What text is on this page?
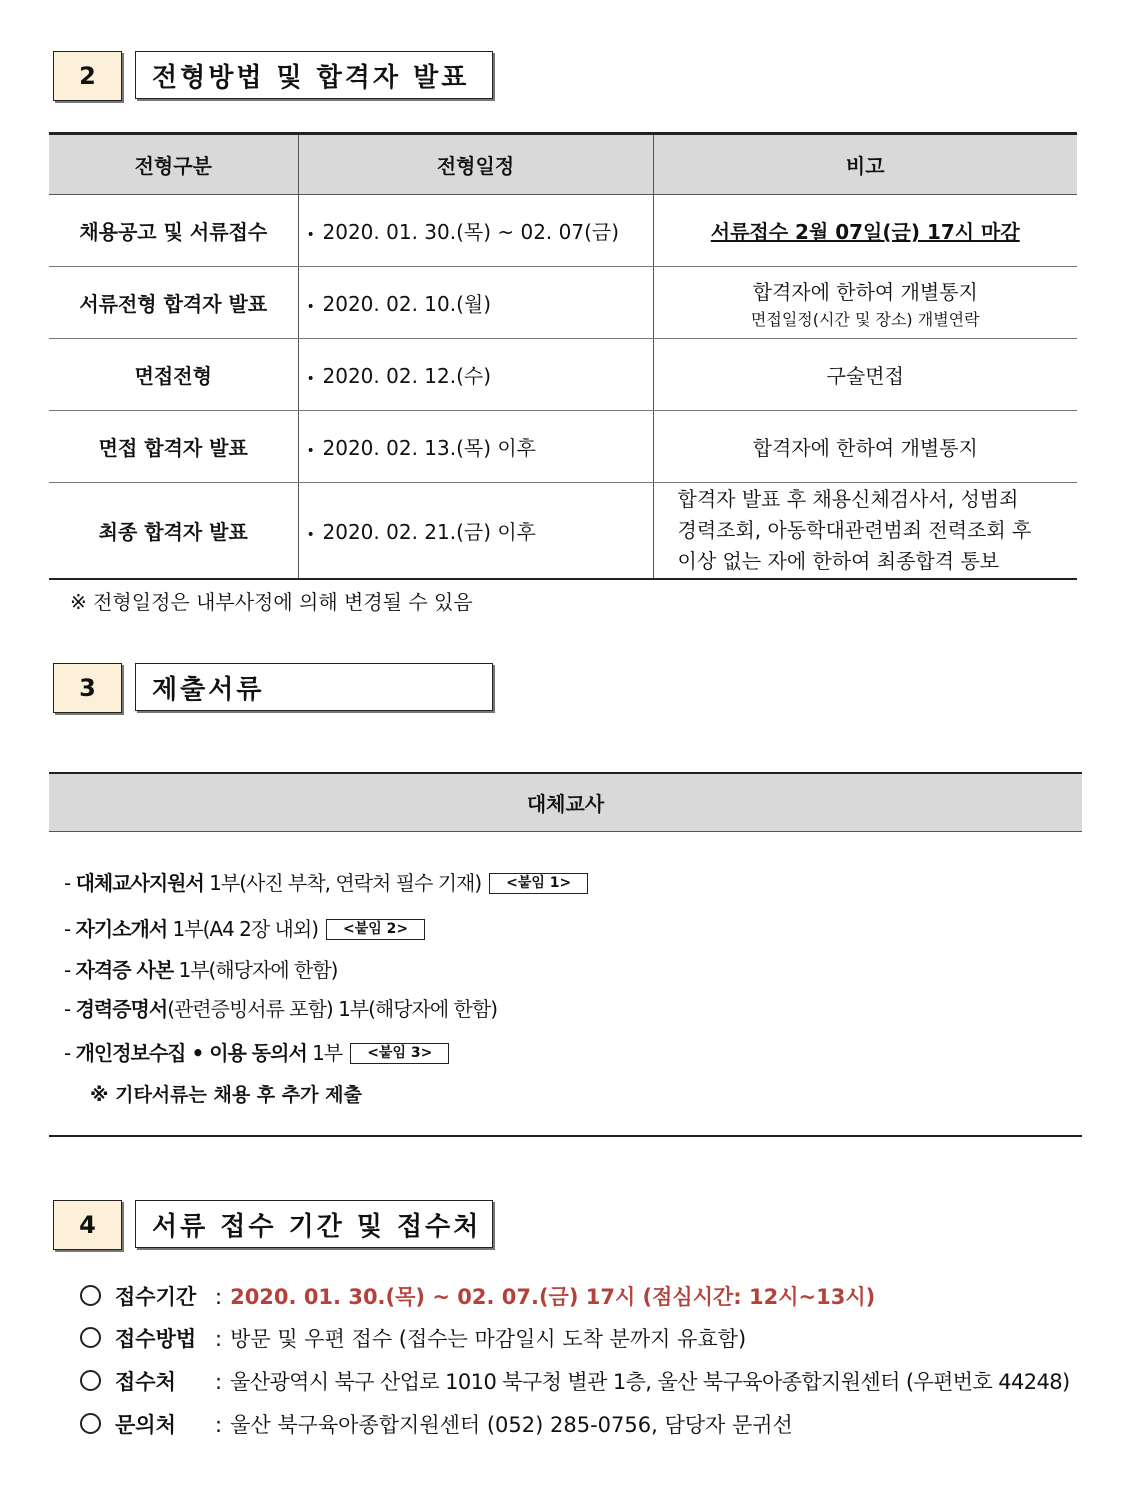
2	전형방법 및 합격자 발표
전형구분	전형일정	비고
채용공고 및 서류접수	• 2020. 01. 30.(목) ~ 02. 07(금)	서류접수 2월 07일(금) 17시 마감
서류전형 합격자 발표	• 2020. 02. 10.(월)	합격자에 한하여 개별통지
면접일정(시간 및 장소) 개별연락

면접전형	• 2020. 02. 12.(수)	구술면접
면접 합격자 발표	• 2020. 02. 13.(목) 이후	합격자에 한하여 개별통지
최종 합격자 발표	• 2020. 02. 21.(금) 이후	합격자 발표 후 채용신체검사서, 성범죄
경력조회, 아동학대관련범죄 전력조회 후
이상 없는 자에 한하여 최종합격 통보
※ 전형일정은 내부사정에 의해 변경될 수 있음
3	제출서류
대체교사
- 대체교사지원서 1부(사진 부착, 연락처 필수 기재) <붙임 1>
- 자기소개서 1부(A4 2장 내외) <붙임 2>
- 자격증 사본 1부(해당자에 한함)
- 경력증명서(관련증빙서류 포함) 1부(해당자에 한함)
- 개인정보수집 • 이용 동의서 1부 <붙임 3>
※ 기타서류는 채용 후 추가 제출
4	서류 접수 기간 및 접수처
접수기간 : 2020. 01. 30.(목) ~ 02. 07.(금) 17시 (점심시간: 12시~13시)
접수방법 : 방문 및 우편 접수 (접수는 마감일시 도착 분까지 유효함)
접수처 : 울산광역시 북구 산업로 1010 북구청 별관 1층, 울산 북구육아종합지원센터 (우편번호 44248)
문의처 : 울산 북구육아종합지원센터 (052) 285-0756, 담당자 문귀선
